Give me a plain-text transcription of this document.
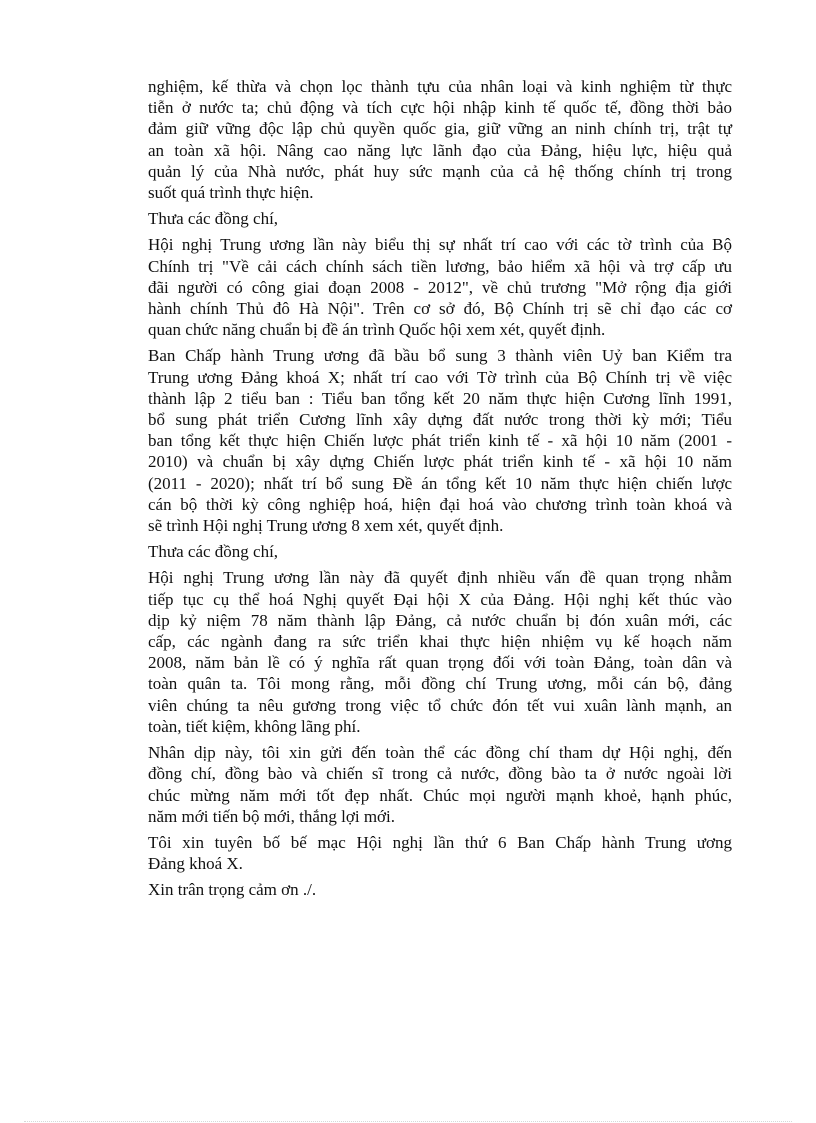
nghiệm, kế thừa và chọn lọc thành tựu của nhân loại và kinh nghiệm từ thực
tiễn ở nước ta; chủ động và tích cực hội nhập kinh tế quốc tế, đồng thời bảo
đảm giữ vững độc lập chủ quyền quốc gia, giữ vững an ninh chính trị, trật tự
an toàn xã hội. Nâng cao năng lực lãnh đạo của Đảng, hiệu lực, hiệu quả
quản lý của Nhà nước, phát huy sức mạnh của cả hệ thống chính trị trong
suốt quá trình thực hiện.
Thưa các đồng chí,
Hội nghị Trung ương lần này biểu thị sự nhất trí cao với các tờ trình của Bộ
Chính trị "Về cải cách chính sách tiền lương, bảo hiểm xã hội và trợ cấp ưu
đãi người có công giai đoạn 2008 - 2012", về chủ trương "Mở rộng địa giới
hành chính Thủ đô Hà Nội". Trên cơ sở đó, Bộ Chính trị sẽ chỉ đạo các cơ
quan chức năng chuẩn bị đề án trình Quốc hội xem xét, quyết định.
Ban Chấp hành Trung ương đã bầu bổ sung 3 thành viên Uỷ ban Kiểm tra
Trung ương Đảng khoá X; nhất trí cao với Tờ trình của Bộ Chính trị về việc
thành lập 2 tiểu ban : Tiểu ban tổng kết 20 năm thực hiện Cương lĩnh 1991,
bổ sung phát triển Cương lĩnh xây dựng đất nước trong thời kỳ mới; Tiểu
ban tổng kết thực hiện Chiến lược phát triển kinh tế - xã hội 10 năm (2001 -
2010) và chuẩn bị xây dựng Chiến lược phát triển kinh tế - xã hội 10 năm
(2011 - 2020); nhất trí bổ sung Đề án tổng kết 10 năm thực hiện chiến lược
cán bộ thời kỳ công nghiệp hoá, hiện đại hoá vào chương trình toàn khoá và
sẽ trình Hội nghị Trung ương 8 xem xét, quyết định.
Thưa các đồng chí,
Hội nghị Trung ương lần này đã quyết định nhiều vấn đề quan trọng nhằm
tiếp tục cụ thể hoá Nghị quyết Đại hội X của Đảng. Hội nghị kết thúc vào
dịp kỷ niệm 78 năm thành lập Đảng, cả nước chuẩn bị đón xuân mới, các
cấp, các ngành đang ra sức triển khai thực hiện nhiệm vụ kế hoạch năm
2008, năm bản lề có ý nghĩa rất quan trọng đối với toàn Đảng, toàn dân và
toàn quân ta. Tôi mong rằng, mỗi đồng chí Trung ương, mỗi cán bộ, đảng
viên chúng ta nêu gương trong việc tổ chức đón tết vui xuân lành mạnh, an
toàn, tiết kiệm, không lãng phí.
Nhân dịp này, tôi xin gửi đến toàn thể các đồng chí tham dự Hội nghị, đến
đồng chí, đồng bào và chiến sĩ trong cả nước, đồng bào ta ở nước ngoài lời
chúc mừng năm mới tốt đẹp nhất. Chúc mọi người mạnh khoẻ, hạnh phúc,
năm mới tiến bộ mới, thắng lợi mới.
Tôi xin tuyên bố bế mạc Hội nghị lần thứ 6 Ban Chấp hành Trung ương
Đảng khoá X.
Xin trân trọng cảm ơn ./.
